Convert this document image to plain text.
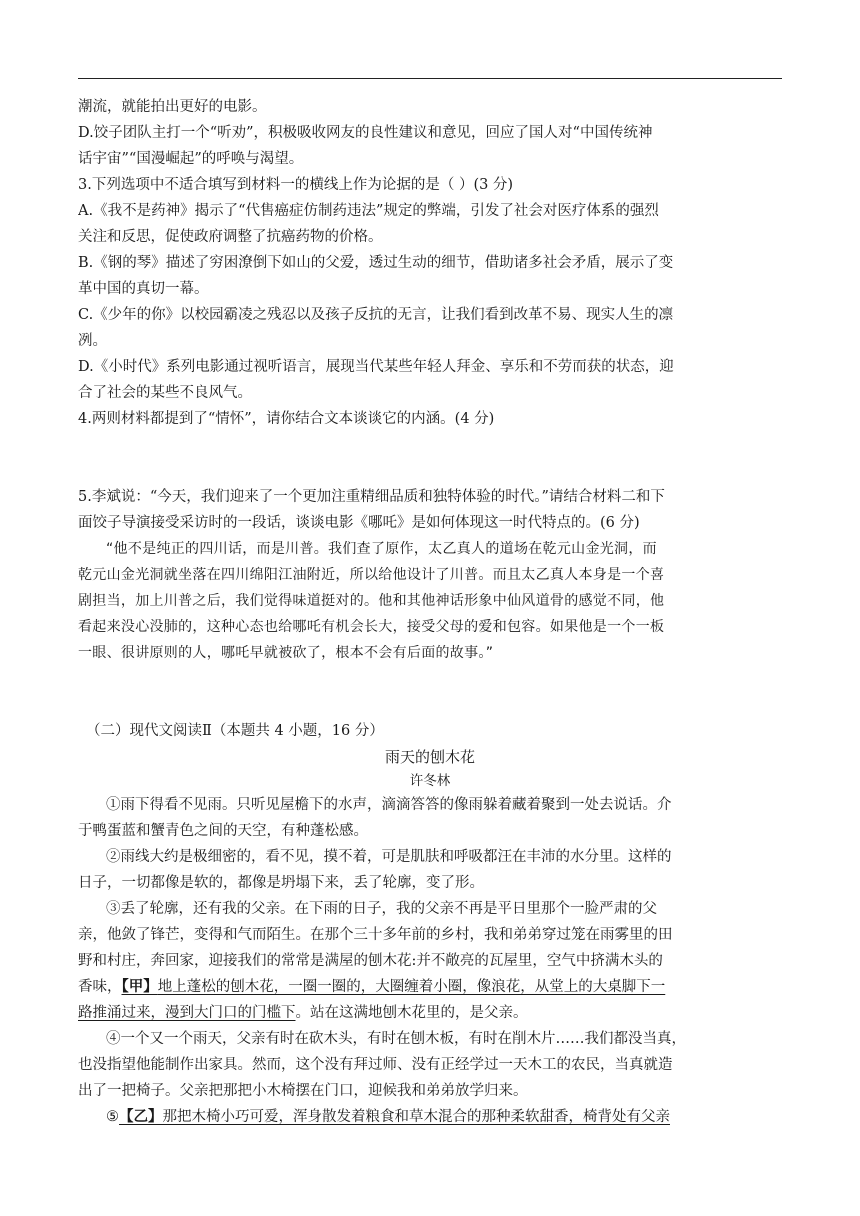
潮流，就能拍出更好的电影。
D.饺子团队主打一个“听劝”，积极吸收网友的良性建议和意见，回应了国人对“中国传统神
话宇宙”“国漫崛起”的呼唤与渴望。
3.下列选项中不适合填写到材料一的横线上作为论据的是（ ）(3 分)
A.《我不是药神》揭示了“代售癌症仿制药违法”规定的弊端，引发了社会对医疗体系的强烈
关注和反思，促使政府调整了抗癌药物的价格。
B.《钢的琴》描述了穷困潦倒下如山的父爱，透过生动的细节，借助诸多社会矛盾，展示了变
革中国的真切一幕。
C.《少年的你》以校园霸凌之残忍以及孩子反抗的无言，让我们看到改革不易、现实人生的凛
冽。
D.《小时代》系列电影通过视听语言，展现当代某些年轻人拜金、享乐和不劳而获的状态，迎
合了社会的某些不良风气。
4.两则材料都提到了“情怀”，请你结合文本谈谈它的内涵。(4 分)
5.李斌说：“今天，我们迎来了一个更加注重精细品质和独特体验的时代。”请结合材料二和下
面饺子导演接受采访时的一段话，谈谈电影《哪吒》是如何体现这一时代特点的。(6 分)
“他不是纯正的四川话，而是川普。我们查了原作，太乙真人的道场在乾元山金光洞，而
乾元山金光洞就坐落在四川绵阳江油附近，所以给他设计了川普。而且太乙真人本身是一个喜
剧担当，加上川普之后，我们觉得味道挺对的。他和其他神话形象中仙风道骨的感觉不同，他
看起来没心没肺的，这种心态也给哪吒有机会长大，接受父母的爱和包容。如果他是一个一板
一眼、很讲原则的人，哪吒早就被砍了，根本不会有后面的故事。”
（二）现代文阅读Ⅱ（本题共 4 小题，16 分）
雨天的刨木花
许冬林
①雨下得看不见雨。只听见屋檐下的水声，滴滴答答的像雨躲着藏着聚到一处去说话。介
于鸭蛋蓝和蟹青色之间的天空，有种蓬松感。
②雨线大约是极细密的，看不见，摸不着，可是肌肤和呼吸都汪在丰沛的水分里。这样的
日子，一切都像是软的，都像是坍塌下来，丢了轮廓，变了形。
③丢了轮廓，还有我的父亲。在下雨的日子，我的父亲不再是平日里那个一脸严肃的父
亲，他敛了锋芒，变得和气而陌生。在那个三十多年前的乡村，我和弟弟穿过笼在雨雾里的田
野和村庄，奔回家，迎接我们的常常是满屋的刨木花:并不敞亮的瓦屋里，空气中挤满木头的
香味，【甲】地上蓬松的刨木花，一圈一圈的，大圈缠着小圈，像浪花，从堂上的大桌脚下一
路推涌过来，漫到大门口的门槛下。站在这满地刨木花里的，是父亲。
④一个又一个雨天，父亲有时在砍木头，有时在刨木板，有时在削木片……我们都没当真，
也没指望他能制作出家具。然而，这个没有拜过师、没有正经学过一天木工的农民，当真就造
出了一把椅子。父亲把那把小木椅摆在门口，迎候我和弟弟放学归来。
⑤【乙】那把木椅小巧可爱，浑身散发着粮食和草木混合的那种柔软甜香，椅背处有父亲
